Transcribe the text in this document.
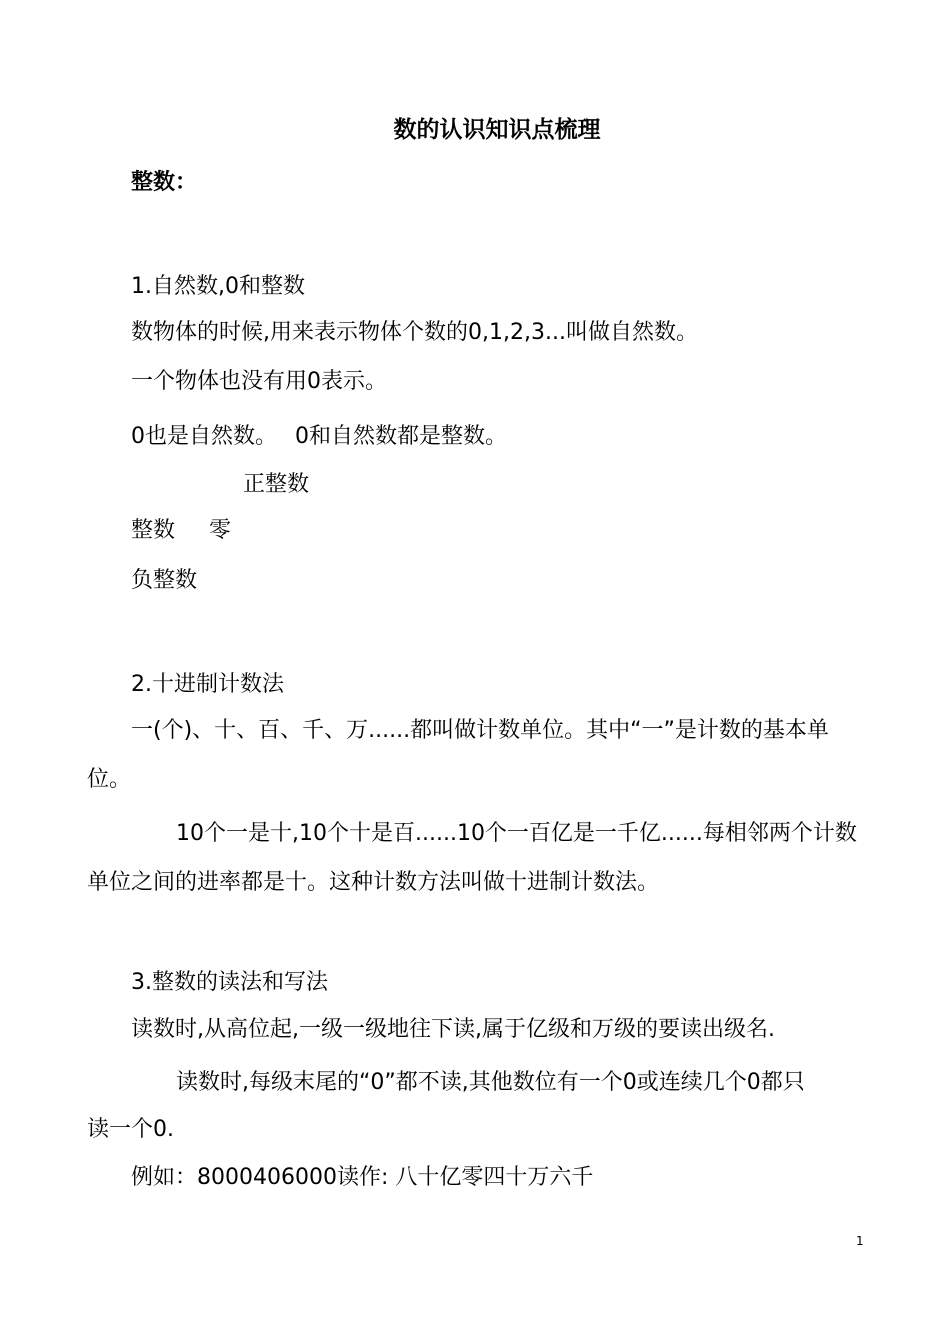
数的认识知识点梳理
整数：
1.自然数,0和整数
数物体的时候,用来表示物体个数的0,1,2,3...叫做自然数。
一个物体也没有用0表示。
0也是自然数。　 0和自然数都是整数。
正整数
整数 零
负整数
2.十进制计数法
一(个)、十、百、千、万......都叫做计数单位。其中“一”是计数的基本单
位。
10个一是十,10个十是百......10个一百亿是一千亿......每相邻两个计数
单位之间的进率都是十。这种计数方法叫做十进制计数法。
3.整数的读法和写法
读数时,从高位起,一级一级地往下读,属于亿级和万级的要读出级名.
读数时,每级末尾的“0”都不读,其他数位有一个0或连续几个0都只
读一个0.
例如：8000406000读作: 八十亿零四十万六千
1
